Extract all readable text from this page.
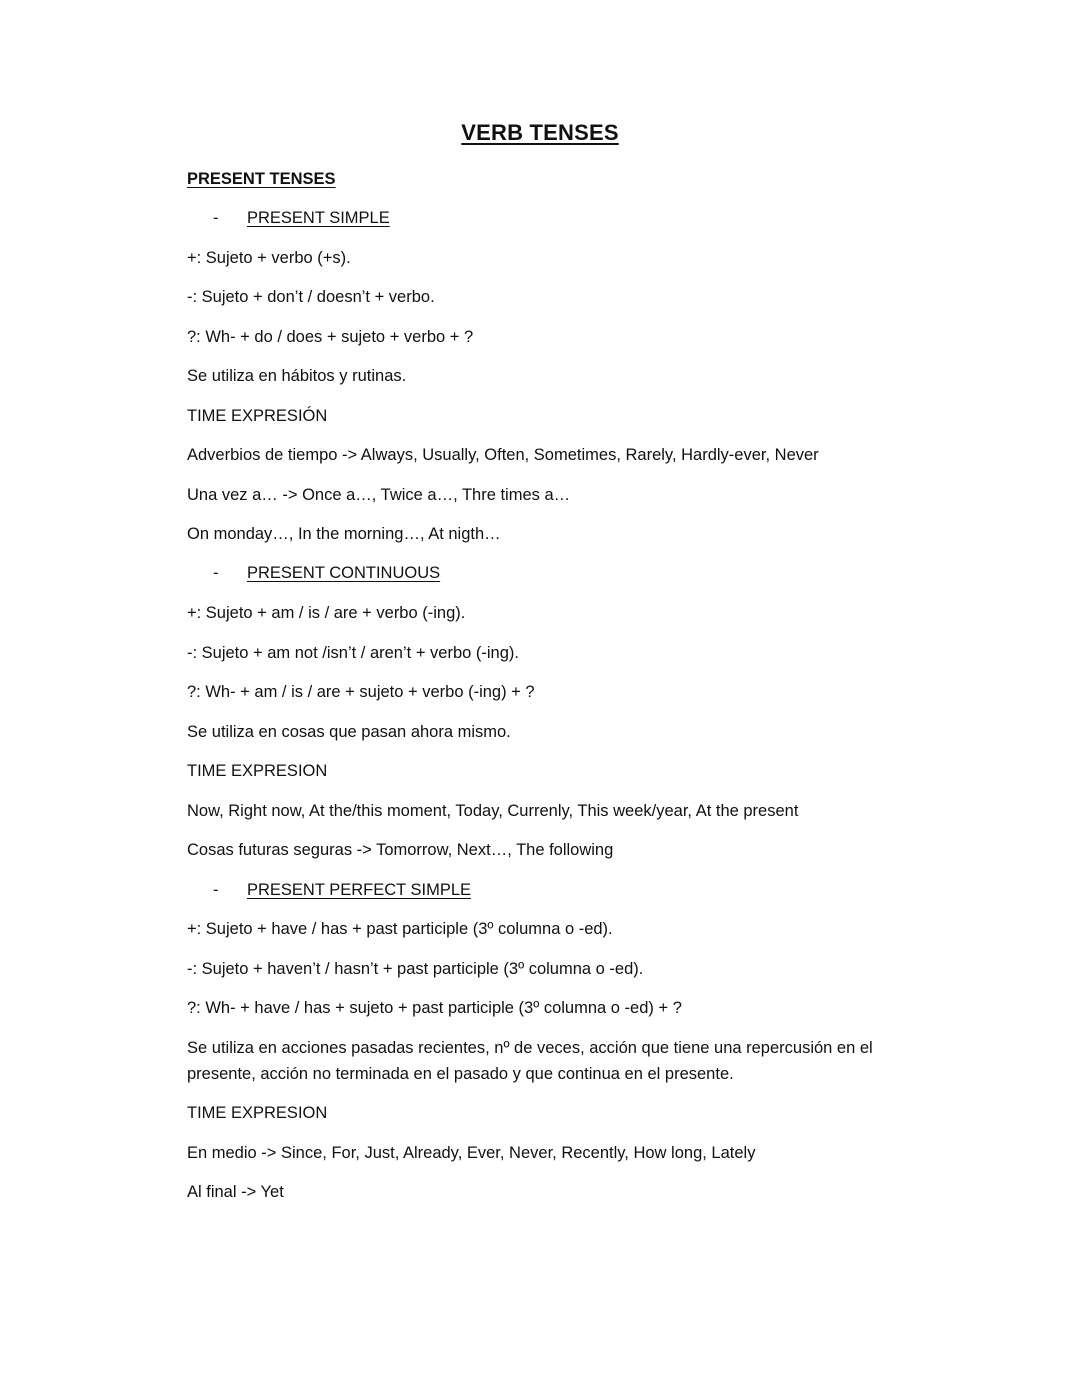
VERB TENSES
PRESENT TENSES
- PRESENT SIMPLE
+: Sujeto + verbo (+s).
-: Sujeto + don’t / doesn’t + verbo.
?: Wh- + do / does + sujeto + verbo + ?
Se utiliza en hábitos y rutinas.
TIME EXPRESIÓN
Adverbios de tiempo -> Always, Usually, Often, Sometimes, Rarely, Hardly-ever, Never
Una vez a… -> Once a…, Twice a…, Thre times a…
On monday…, In the morning…, At nigth…
- PRESENT CONTINUOUS
+: Sujeto + am / is / are + verbo (-ing).
-: Sujeto + am not /isn’t / aren’t + verbo (-ing).
?: Wh- + am / is / are + sujeto + verbo (-ing) + ?
Se utiliza en cosas que pasan ahora mismo.
TIME EXPRESION
Now, Right now, At the/this moment, Today, Currenly, This week/year, At the present
Cosas futuras seguras -> Tomorrow, Next…, The following
- PRESENT PERFECT SIMPLE
+: Sujeto + have / has + past participle (3º columna o -ed).
-: Sujeto + haven’t / hasn’t + past participle (3º columna o -ed).
?: Wh- + have / has + sujeto + past participle (3º columna o -ed) + ?
Se utiliza en acciones pasadas recientes, nº de veces, acción que tiene una repercusión en el presente, acción no terminada en el pasado y que continua en el presente.
TIME EXPRESION
En medio -> Since, For, Just, Already, Ever, Never, Recently, How long, Lately
Al final -> Yet
